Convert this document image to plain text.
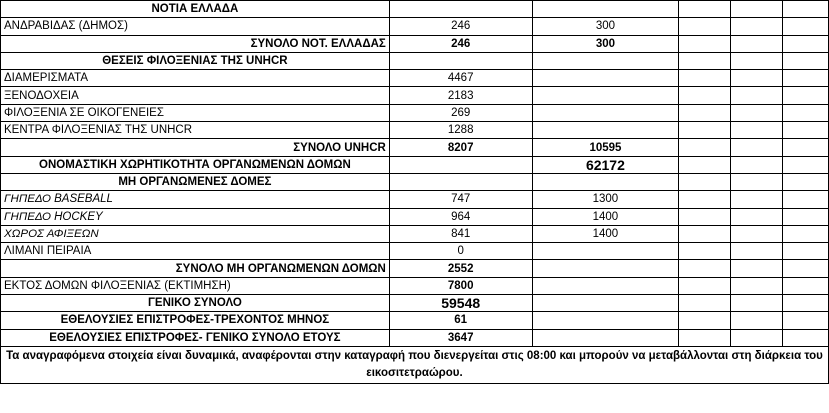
ΝΟΤΙΑ ΕΛΛΑΔΑ					
ΑΝΔΡΑΒΙΔΑΣ (ΔΗΜΟΣ)	246	300			
ΣΥΝΟΛΟ ΝΟΤ. ΕΛΛΑΔΑΣ	246	300			
ΘΕΣΕΙΣ ΦΙΛΟΞΕΝΙΑΣ ΤΗΣ UNHCR					
ΔΙΑΜΕΡΙΣΜΑΤΑ	4467				
ΞΕΝΟΔΟΧΕΙΑ	2183				
ΦΙΛΟΞΕΝΙΑ ΣΕ ΟΙΚΟΓΕΝΕΙΕΣ	269				
ΚΕΝΤΡΑ ΦΙΛΟΞΕΝΙΑΣ ΤΗΣ UNHCR	1288				
ΣΥΝΟΛΟ UNHCR	8207	10595			
ΟΝΟΜΑΣΤΙΚΗ ΧΩΡΗΤΙΚΟΤΗΤΑ ΟΡΓΑΝΩΜΕΝΩΝ ΔΟΜΩΝ		62172			
ΜΗ ΟΡΓΑΝΩΜΕΝΕΣ ΔΟΜΕΣ					
ΓΗΠΕΔΟ BASEBALL	747	1300			
ΓΗΠΕΔΟ HOCKEY	964	1400			
ΧΩΡΟΣ ΑΦΙΞΕΩΝ	841	1400			
ΛΙΜΑΝΙ ΠΕΙΡΑΙΑ	0				
ΣΥΝΟΛΟ ΜΗ ΟΡΓΑΝΩΜΕΝΩΝ ΔΟΜΩΝ	2552				
ΕΚΤΟΣ ΔΟΜΩΝ ΦΙΛΟΞΕΝΙΑΣ (ΕΚΤΙΜΗΣΗ)	7800				
ΓΕΝΙΚΟ ΣΥΝΟΛΟ	59548				
ΕΘΕΛΟΥΣΙΕΣ ΕΠΙΣΤΡΟΦΕΣ-ΤΡΕΧΟΝΤΟΣ ΜΗΝΟΣ	61				
ΕΘΕΛΟΥΣΙΕΣ ΕΠΙΣΤΡΟΦΕΣ- ΓΕΝΙΚΟ ΣΥΝΟΛΟ ΕΤΟΥΣ	3647				
Τα αναγραφόμενα στοιχεία είναι δυναμικά, αναφέρονται στην καταγραφή που διενεργείται στις 08:00 και μπορούν να μεταβάλλονται στη διάρκεια του εικοσιτετραώρου.					
